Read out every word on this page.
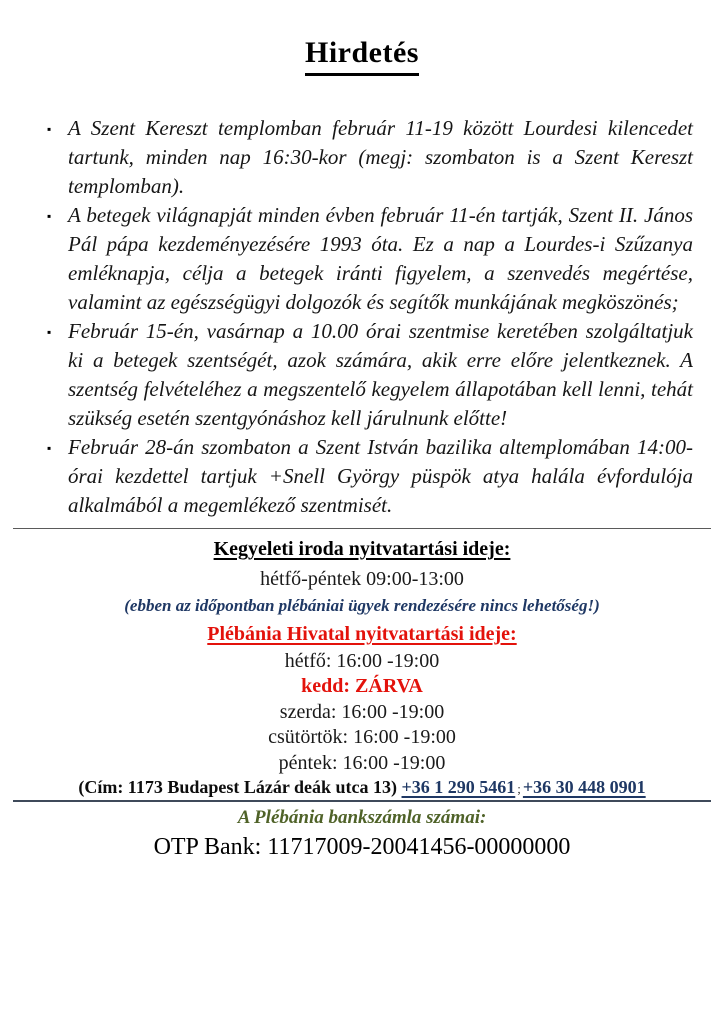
Hirdetés
▪ A Szent Kereszt templomban február 11-19 között Lourdesi kilencedet tartunk, minden nap 16:30-kor (megj: szombaton is a Szent Kereszt templomban).
▪ A betegek világnapját minden évben február 11-én tartják, Szent II. János Pál pápa kezdeményezésére 1993 óta. Ez a nap a Lourdes-i Szűzanya emléknapja, célja a betegek iránti figyelem, a szenvedés megértése, valamint az egészségügyi dolgozók és segítők munkájának megköszönés;
▪ Február 15-én, vasárnap a 10.00 órai szentmise keretében szolgáltatjuk ki a betegek szentségét, azok számára, akik erre előre jelentkeznek. A szentség felvételéhez a megszentelő kegyelem állapotában kell lenni, tehát szükség esetén szentgyónáshoz kell járulnunk előtte!
▪ Február 28-án szombaton a Szent István bazilika altemplomában 14:00-órai kezdettel tartjuk +Snell György püspök atya halála évfordulója alkalmából a megemlékező szentmisét.
Kegyeleti iroda nyitvatartási ideje:
hétfő-péntek 09:00-13:00
(ebben az időpontban plébániai ügyek rendezésére nincs lehetőség!)
Plébánia Hivatal nyitvatartási ideje:
hétfő: 16:00 -19:00
kedd: ZÁRVA
szerda: 16:00 -19:00
csütörtök: 16:00 -19:00
péntek: 16:00 -19:00
(Cím: 1173 Budapest Lázár deák utca 13) +36 1 290 5461 ; +36 30 448 0901
A Plébánia bankszámla számai:
OTP Bank: 11717009-20041456-00000000
